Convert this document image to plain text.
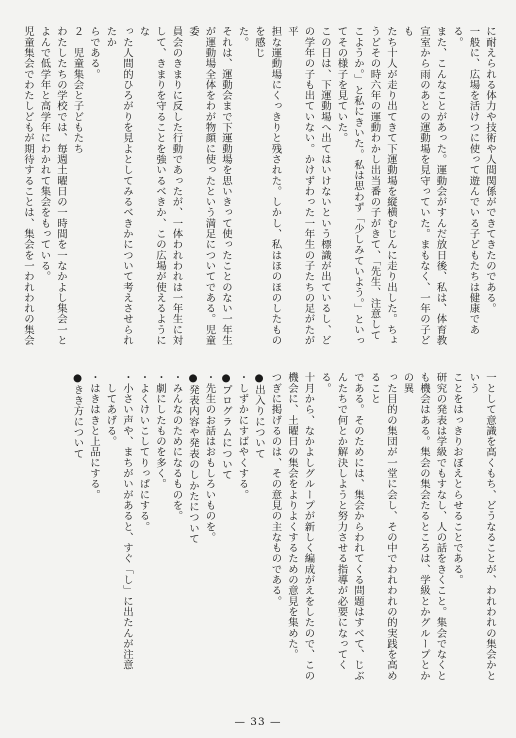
に耐えられる体力や技術や人間関係ができてきたのである。

一般に、広場を活けつに使って遊んでいる子どもたちは健康である。

また、こんなことがあった。運動会がすんだ放日後、私は、体育教

宣室から雨のあとの運動場を見守っていた。まもなく、一年の子ども

たち十人が走り出てきて下運動場を縦横むじんに走り出した。ちょ

うどその時六年の運動わかし出当番の子がきて、「先生、注意して

こようか。」と私にきいた。私は思わず「少しみていよう。」といっ

てその様子を見ていた。

この日は、下運動場へ出てはいけないという標識が出ているし、ど

の学年の子も出ていない。かけずわった一年生の子たちの足がたが平

担な運動場にくっきりと残された。しかし、私はほのほのしたものを感じ

た。

それは、運動会まで下運動場を思いきって使ったことのない一年生

が運動場全体をわが物顔に使ったという満足についてである。児童委

員会のきまりに反した行動であったが、一体われわれは一年生に対

して、きまりを守ることを強いるべきか、この広場が使えるようにな

った人間的ひろがりを見よとしてみるべきかについて考えさせられたか

らである。

２　児童集会と子どもたち

わたしたちの学校では、毎週土曜日の一時間を一なかよし集会一と

よんで低学年と高学年にわかれて集会をもっている。

児童集会でわたしどもが期待することは、集会を一われわれの集会

一として意識を高くもち、どうなることが、われわれの集会かという

ことをはっきりおぼえとらせることである。

研究の発表は学級でもすなし、人の話をきくこと。集会でなくと

も機会はある。集会の集会たるところは、学級とかグループとかの異

った目的の集団が一堂に会し、その中でわれわれの的実践を高めること

である。そのためには、集会からわれてくる問題はすべて、じぶ

んたちで何とか解決しようと努力させる指導が必要になってくる。

十月から、なかよしグループが新しく編成がえをしたので、この

機会に、土曜日の集会をよりよくするための意見を集めた。

つぎに掲げるのは、その意見の主なものである。

●出入りについて

・しずかにすばやくする。

●プログラムについて

・先生のお話はおもしろいものを。

●発表内容や発表のしかたについて

・みんなのためになるものを。

・劇にしたものを多く。

・よくけいこしてりっぱにする。

・小さい声や、まちがいがあると、すぐ「し」に出たんが注意

　してあげる。

・はきはきと上品にする。

●きき方について

— 33 —
